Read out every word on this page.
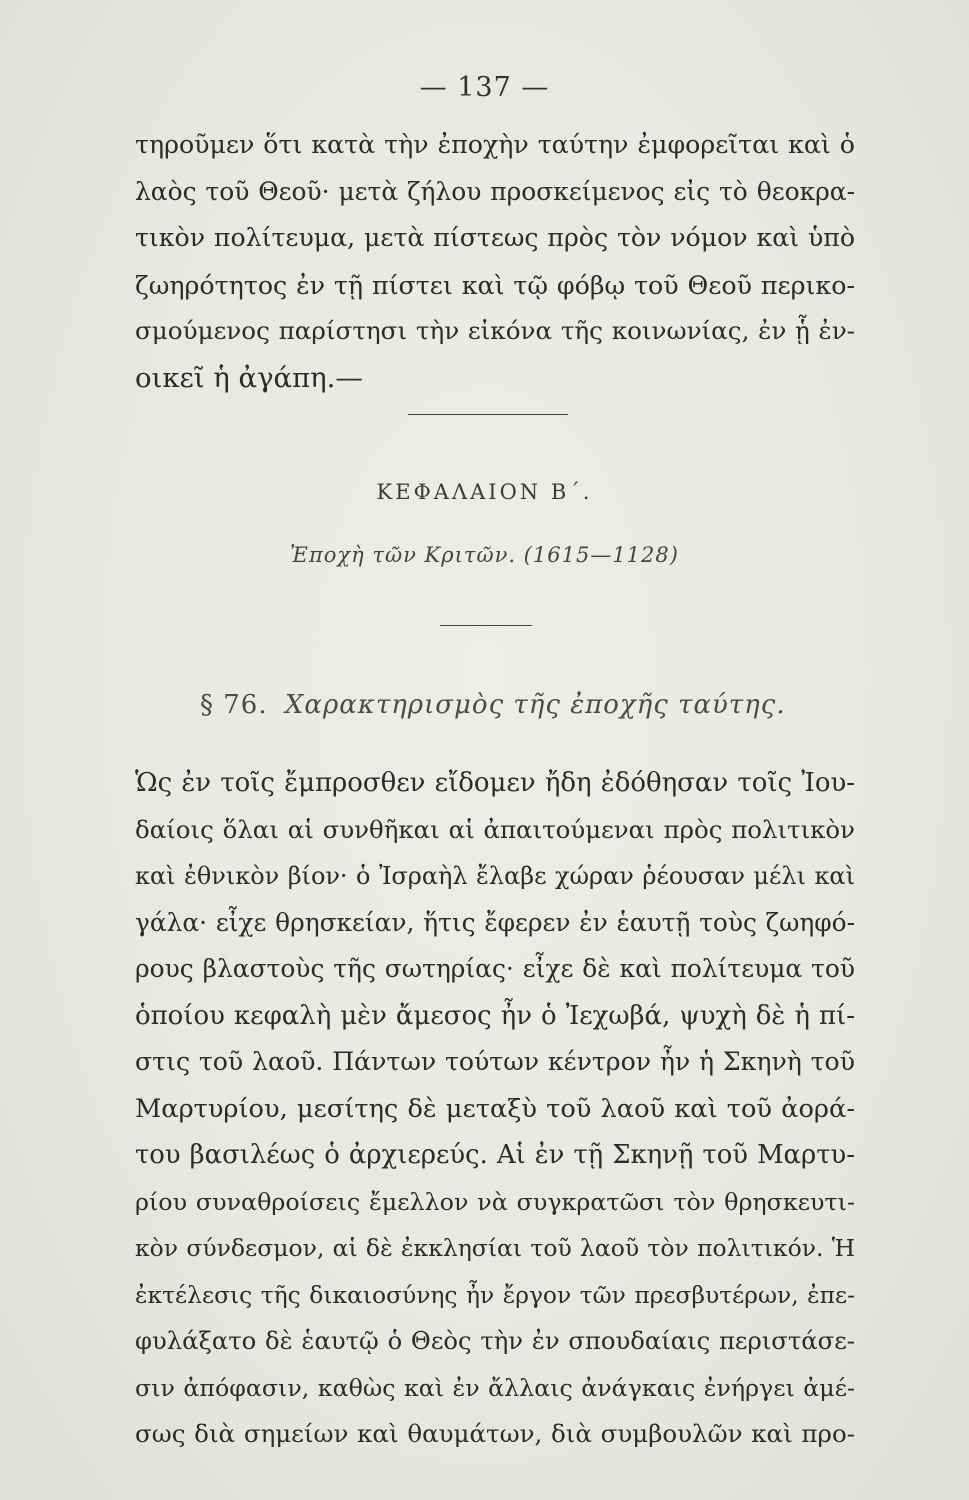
— 137 —
τηροῦμεν ὅτι κατὰ τὴν ἐποχὴν ταύτην ἐμφορεῖται καὶ ὁ
λαὸς τοῦ Θεοῦ· μετὰ ζήλου προσκείμενος εἰς τὸ θεοκρα-
τικὸν πολίτευμα, μετὰ πίστεως πρὸς τὸν νόμον καὶ ὑπὸ
ζωηρότητος ἐν τῇ πίστει καὶ τῷ φόβῳ τοῦ Θεοῦ περικο-
σμούμενος παρίστησι τὴν εἰκόνα τῆς κοινωνίας, ἐν ᾗ ἐν-
οικεῖ ἡ ἀγάπη.—
ΚΕΦΑΛΑΙΟΝ Β΄.
Ἐποχὴ τῶν Κριτῶν. (1615—1128)
§ 76. Χαρακτηρισμὸς τῆς ἐποχῆς ταύτης.
Ὡς ἐν τοῖς ἔμπροσθεν εἴδομεν ἤδη ἐδόθησαν τοῖς Ἰου-
δαίοις ὅλαι αἱ συνθῆκαι αἱ ἀπαιτούμεναι πρὸς πολιτικὸν
καὶ ἐθνικὸν βίον· ὁ Ἰσραὴλ ἔλαβε χώραν ῥέουσαν μέλι καὶ
γάλα· εἶχε θρησκείαν, ἥτις ἔφερεν ἐν ἑαυτῇ τοὺς ζωηφό-
ρους βλαστοὺς τῆς σωτηρίας· εἶχε δὲ καὶ πολίτευμα τοῦ
ὁποίου κεφαλὴ μὲν ἄμεσος ἦν ὁ Ἰεχωβά, ψυχὴ δὲ ἡ πί-
στις τοῦ λαοῦ. Πάντων τούτων κέντρον ἦν ἡ Σκηνὴ τοῦ
Μαρτυρίου, μεσίτης δὲ μεταξὺ τοῦ λαοῦ καὶ τοῦ ἀορά-
του βασιλέως ὁ ἀρχιερεύς. Αἱ ἐν τῇ Σκηνῇ τοῦ Μαρτυ-
ρίου συναθροίσεις ἔμελλον νὰ συγκρατῶσι τὸν θρησκευτι-
κὸν σύνδεσμον, αἱ δὲ ἐκκλησίαι τοῦ λαοῦ τὸν πολιτικόν. Ἡ
ἐκτέλεσις τῆς δικαιοσύνης ἦν ἔργον τῶν πρεσβυτέρων, ἐπε-
φυλάξατο δὲ ἑαυτῷ ὁ Θεὸς τὴν ἐν σπουδαίαις περιστάσε-
σιν ἀπόφασιν, καθὼς καὶ ἐν ἄλλαις ἀνάγκαις ἐνήργει ἀμέ-
σως διὰ σημείων καὶ θαυμάτων, διὰ συμβουλῶν καὶ προ-
